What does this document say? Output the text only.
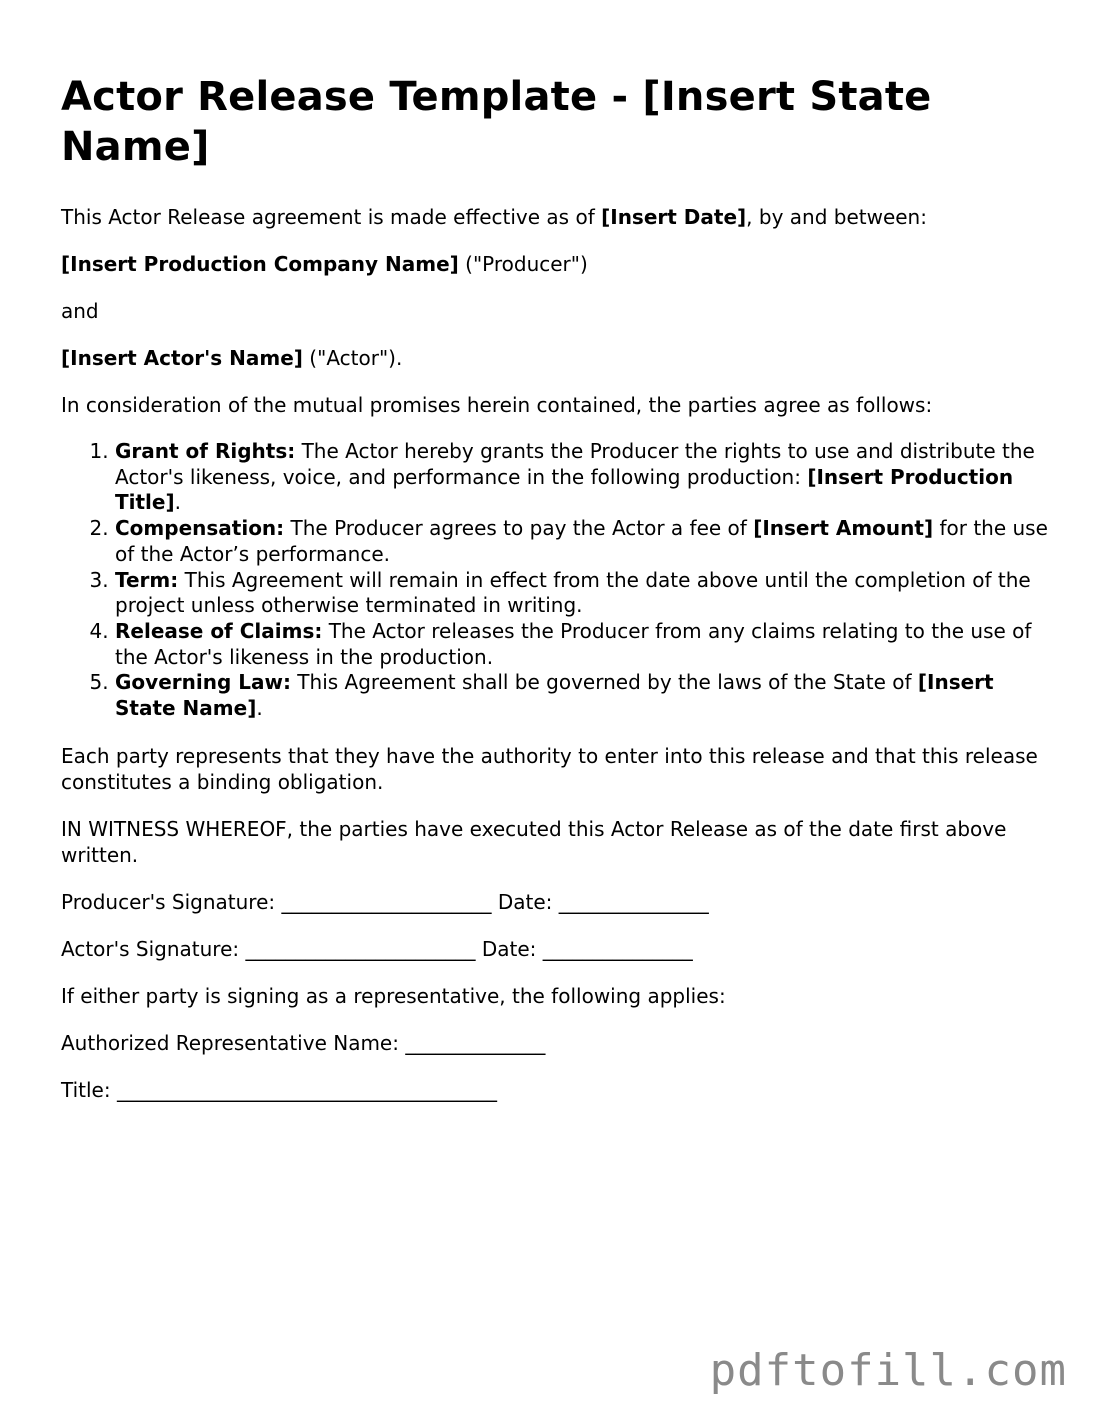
Actor Release Template - [Insert State Name]

This Actor Release agreement is made effective as of [Insert Date], by and between:

[Insert Production Company Name] ("Producer")

and

[Insert Actor's Name] ("Actor").

In consideration of the mutual promises herein contained, the parties agree as follows:

1. Grant of Rights: The Actor hereby grants the Producer the rights to use and distribute the Actor's likeness, voice, and performance in the following production: [Insert Production Title].
2. Compensation: The Producer agrees to pay the Actor a fee of [Insert Amount] for the use of the Actor’s performance.
3. Term: This Agreement will remain in effect from the date above until the completion of the project unless otherwise terminated in writing.
4. Release of Claims: The Actor releases the Producer from any claims relating to the use of the Actor's likeness in the production.
5. Governing Law: This Agreement shall be governed by the laws of the State of [Insert State Name].

Each party represents that they have the authority to enter into this release and that this release constitutes a binding obligation.

IN WITNESS WHEREOF, the parties have executed this Actor Release as of the date first above written.

Producer's Signature: _____________________ Date: _______________

Actor's Signature: _______________________ Date: _______________

If either party is signing as a representative, the following applies:

Authorized Representative Name: ______________

Title: ______________________________________

pdftofill.com
